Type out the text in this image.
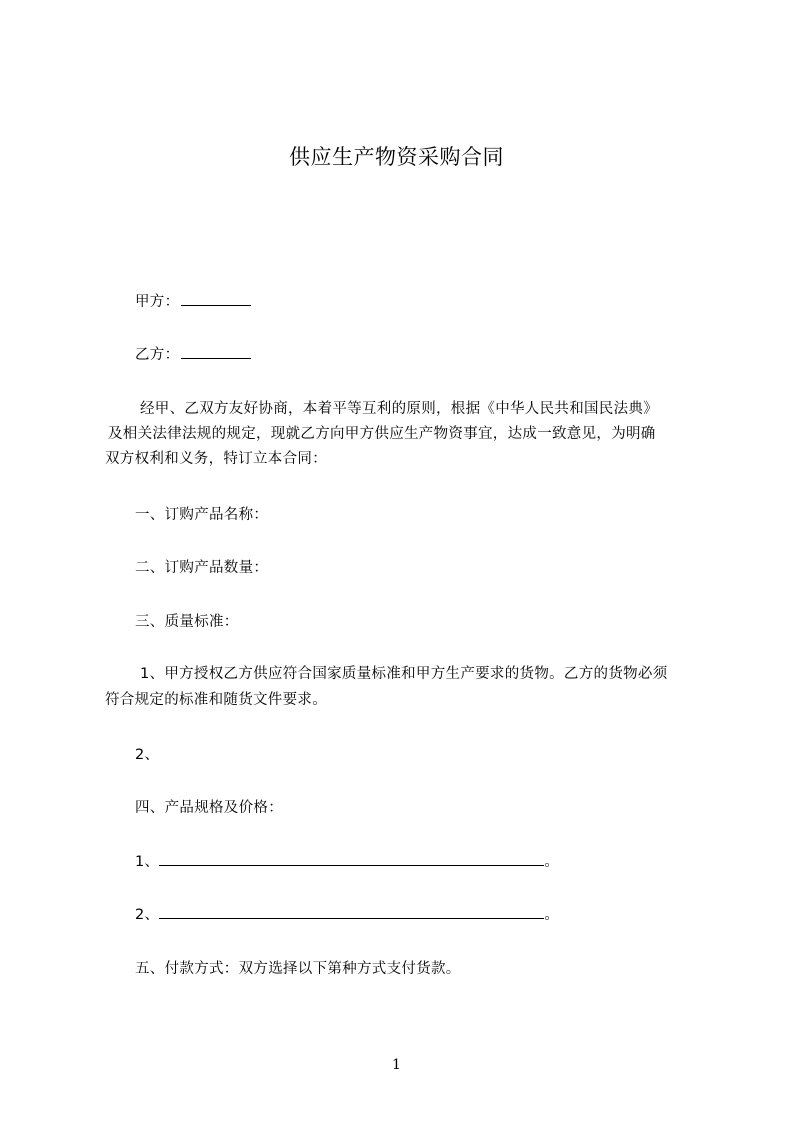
供应生产物资采购合同
甲方：
乙方：
经甲、乙双方友好协商，本着平等互利的原则，根据《中华人民共和国民法典》
及相关法律法规的规定，现就乙方向甲方供应生产物资事宜，达成一致意见，为明确
双方权利和义务，特订立本合同：
一、订购产品名称：
二、订购产品数量：
三、质量标准：
1、甲方授权乙方供应符合国家质量标准和甲方生产要求的货物。乙方的货物必须
符合规定的标准和随货文件要求。
2、
四、产品规格及价格：
1、	。
2、	。
五、付款方式：双方选择以下第种方式支付货款。
1
